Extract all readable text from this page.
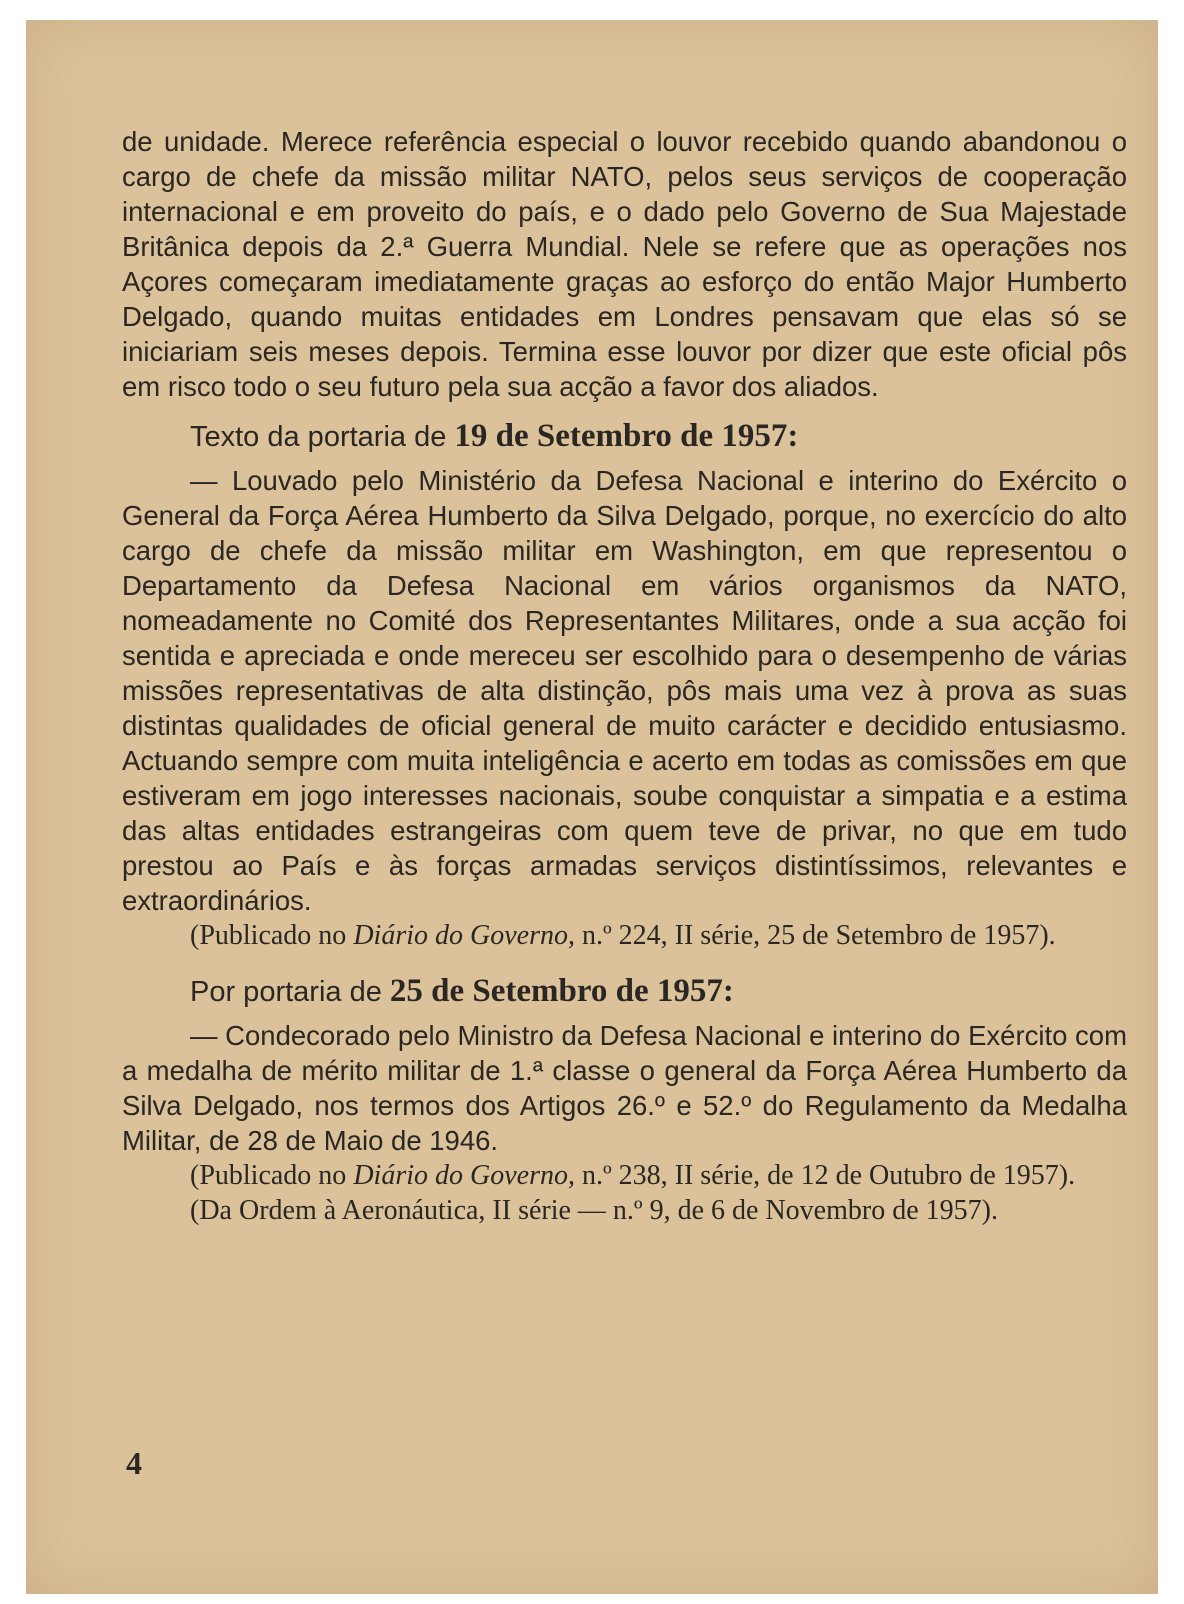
de unidade. Merece referência especial o louvor recebido quando abandonou o cargo de chefe da missão militar NATO, pelos seus serviços de cooperação internacional e em proveito do país, e o dado pelo Governo de Sua Majestade Britânica depois da 2.ª Guerra Mundial. Nele se refere que as operações nos Açores começaram imediatamente graças ao esforço do então Major Humberto Delgado, quando muitas entidades em Londres pensavam que elas só se iniciariam seis meses depois. Termina esse louvor por dizer que este oficial pôs em risco todo o seu futuro pela sua acção a favor dos aliados.

Texto da portaria de 19 de Setembro de 1957:

— Louvado pelo Ministério da Defesa Nacional e interino do Exército o General da Força Aérea Humberto da Silva Delgado, porque, no exercício do alto cargo de chefe da missão militar em Washington, em que representou o Departamento da Defesa Nacional em vários organismos da NATO, nomeadamente no Comité dos Representantes Militares, onde a sua acção foi sentida e apreciada e onde mereceu ser escolhido para o desempenho de várias missões representativas de alta distinção, pôs mais uma vez à prova as suas distintas qualidades de oficial general de muito carácter e decidido entusiasmo. Actuando sempre com muita inteligência e acerto em todas as comissões em que estiveram em jogo interesses nacionais, soube conquistar a simpatia e a estima das altas entidades estrangeiras com quem teve de privar, no que em tudo prestou ao País e às forças armadas serviços distintíssimos, relevantes e extraordinários.

(Publicado no Diário do Governo, n.º 224, II série, 25 de Setembro de 1957).

Por portaria de 25 de Setembro de 1957:

— Condecorado pelo Ministro da Defesa Nacional e interino do Exército com a medalha de mérito militar de 1.ª classe o general da Força Aérea Humberto da Silva Delgado, nos termos dos Artigos 26.º e 52.º do Regulamento da Medalha Militar, de 28 de Maio de 1946.

(Publicado no Diário do Governo, n.º 238, II série, de 12 de Outubro de 1957).

(Da Ordem à Aeronáutica, II série — n.º 9, de 6 de Novembro de 1957).

4
